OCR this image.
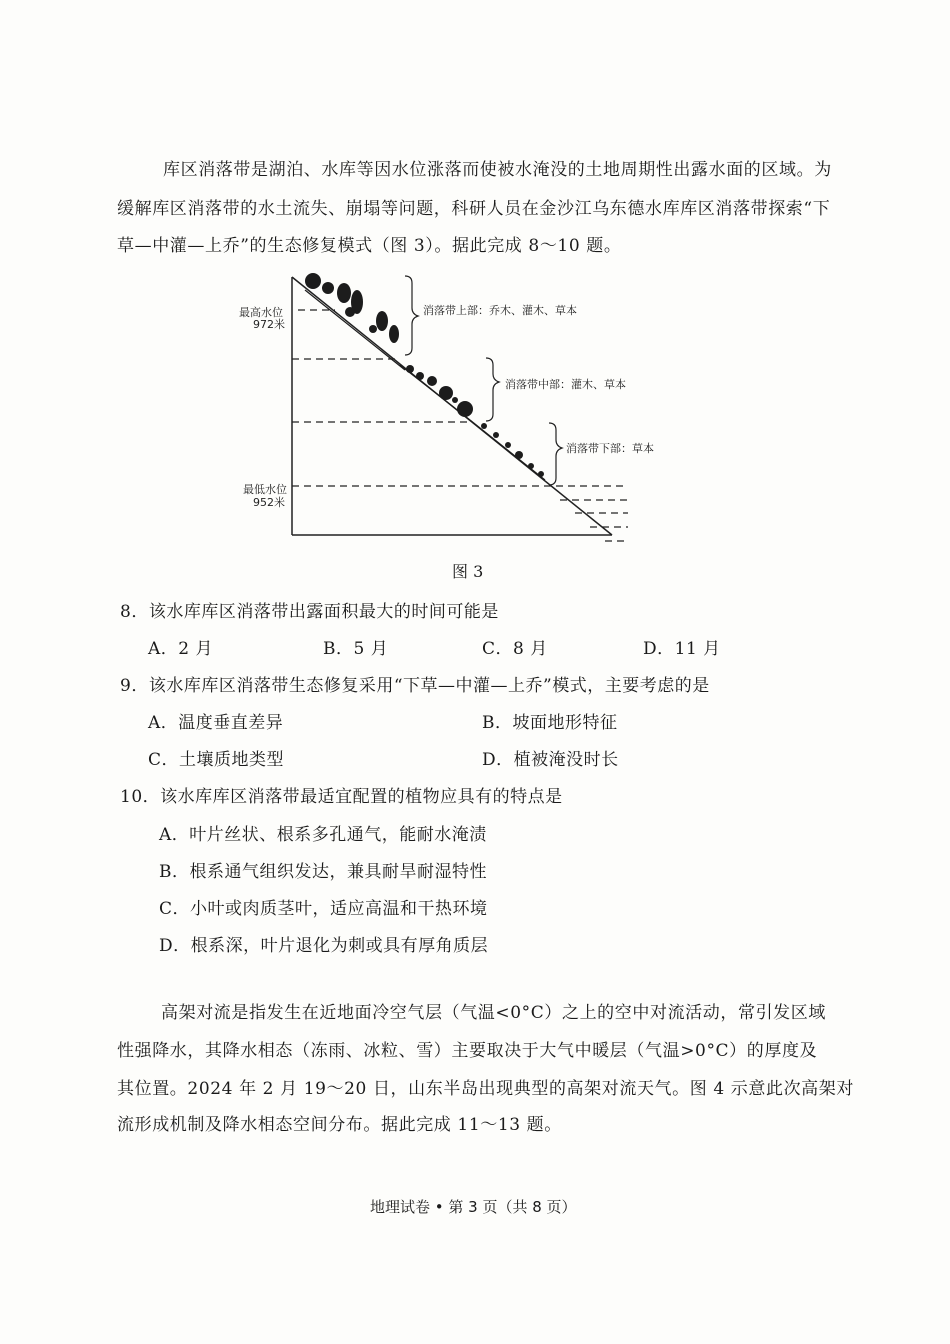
库区消落带是湖泊、水库等因水位涨落而使被水淹没的土地周期性出露水面的区域。为
缓解库区消落带的水土流失、崩塌等问题，科研人员在金沙江乌东德水库库区消落带探索“下
草—中灌—上乔”的生态修复模式（图 3）。据此完成 8～10 题。
最高水位
972米
最低水位
952米
消落带上部：乔木、灌木、草本
消落带中部：灌木、草本
消落带下部：草本
图 3
8．该水库库区消落带出露面积最大的时间可能是
A．2 月	B．5 月	C．8 月	D．11 月
9．该水库库区消落带生态修复采用“下草—中灌—上乔”模式，主要考虑的是
A．温度垂直差异	B．坡面地形特征
C．土壤质地类型	D．植被淹没时长
10．该水库库区消落带最适宜配置的植物应具有的特点是
A．叶片丝状、根系多孔通气，能耐水淹渍
B．根系通气组织发达，兼具耐旱耐湿特性
C．小叶或肉质茎叶，适应高温和干热环境
D．根系深，叶片退化为刺或具有厚角质层
高架对流是指发生在近地面冷空气层（气温<0°C）之上的空中对流活动，常引发区域
性强降水，其降水相态（冻雨、冰粒、雪）主要取决于大气中暖层（气温>0°C）的厚度及
其位置。2024 年 2 月 19～20 日，山东半岛出现典型的高架对流天气。图 4 示意此次高架对
流形成机制及降水相态空间分布。据此完成 11～13 题。
地理试卷 • 第 3 页（共 8 页）
